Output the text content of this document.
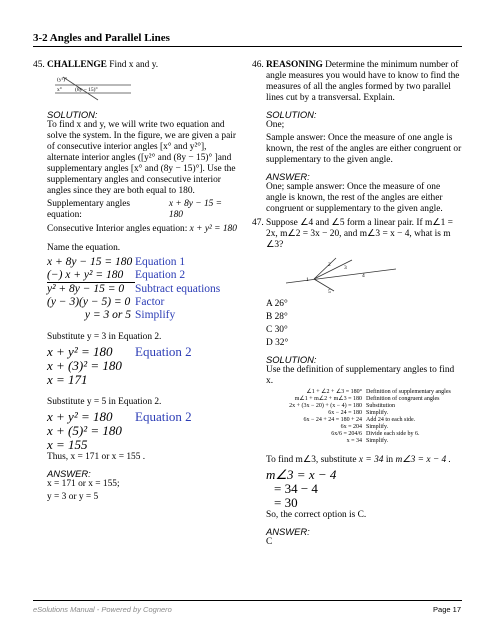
3-2 Angles and Parallel Lines
45. CHALLENGE Find x and y.

(y²)°
x° (8y − 15)°
SOLUTION:

To find x and y, we will write two equation and solve the system. In the figure, we are given a pair of consecutive interior angles [x° and y²°], alternate interior angles ([y²° and (8y − 15)° ]and supplementary angles [x° and (8y − 15)°]. Use the supplementary angles and consecutive interior angles since they are both equal to 180.

Supplementary angles equation:

x + 8y − 15 = 180

Consecutive Interior angles equation:
x + y² = 180

Name the equation.

x + 8y − 15 = 180 Equation 1
(−) x + y² = 180	Equation 2
y² + 8y − 15 = 0 Subtract equations
(y − 3)(y − 5) = 0 Factor
y = 3 or 5 Simplify

Substitute y = 3 in Equation 2.

x + y² = 180	Equation 2
x + (3)² = 180
x = 171

Substitute y = 5 in Equation 2.

x + y² = 180	Equation 2
x + (5)² = 180
x = 155

Thus, x = 171 or x = 155 .

ANSWER:

x = 171 or x = 155;

y = 3 or y = 5

46. REASONING Determine the minimum number of angle measures you would have to know to find the measures of all the angles formed by two parallel lines cut by a transversal. Explain.

SOLUTION:

One;

Sample answer: Once the measure of one angle is known, the rest of the angles are either congruent or supplementary to the given angle.

ANSWER:

One; sample answer: Once the measure of one angle is known, the rest of the angles are either congruent or supplementary to the given angle.

47. Suppose ∠4 and ∠5 form a linear pair. If m∠1 = 2x, m∠2 = 3x − 20, and m∠3 = x − 4, what is m ∠3?

1
2 3
4
5

A 26°

B 28°

C 30°

D 32°

SOLUTION:

Use the definition of supplementary angles to find x.

∠1 + ∠2 + ∠3 = 180° Definition of supplementary angles
m∠1 + m∠2 + m∠3 = 180 Definition of congruent angles
2x + (3x − 20) + (x − 4) = 180 Substitution
6x − 24 = 180 Simplify.
6x − 24 + 24 = 180 + 24 Add 24 to each side.
6x = 204 Simplify.
6x/6 = 204/6 Divide each side by 6.
x = 34 Simplify.

To find m∠3, substitute x = 34 in m∠3 = x − 4 .

m∠3 = x − 4
= 34 − 4
= 30

So, the correct option is C.

ANSWER:

C

eSolutions Manual - Powered by Cognero	Page 17
